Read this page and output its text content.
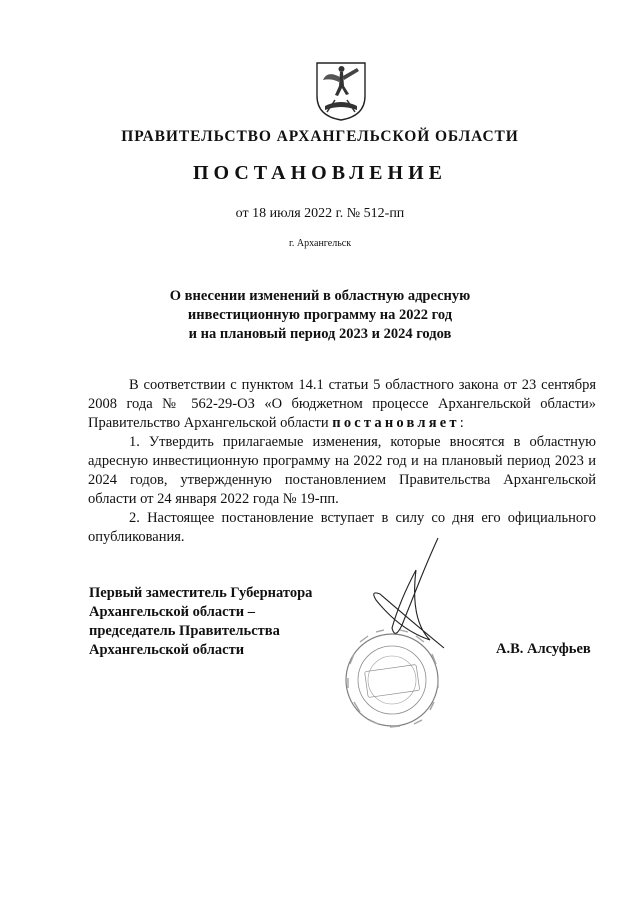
ПРАВИТЕЛЬСТВО АРХАНГЕЛЬСКОЙ ОБЛАСТИ
ПОСТАНОВЛЕНИЕ
от 18 июля 2022 г. № 512-пп
г. Архангельск
О внесении изменений в областную адресную
инвестиционную программу на 2022 год
и на плановый период 2023 и 2024 годов

В соответствии с пунктом 14.1 статьи 5 областного закона от 23 сентября 2008 года № 562-29-ОЗ «О бюджетном процессе Архангельской области» Правительство Архангельской области постановляет:

1. Утвердить прилагаемые изменения, которые вносятся в областную адресную инвестиционную программу на 2022 год и на плановый период 2023 и 2024 годов, утвержденную постановлением Правительства Архангельской области от 24 января 2022 года № 19-пп.

2. Настоящее постановление вступает в силу со дня его официального опубликования.

Первый заместитель Губернатора
Архангельской области –
председатель Правительства
Архангельской области	А.В. Алсуфьев
